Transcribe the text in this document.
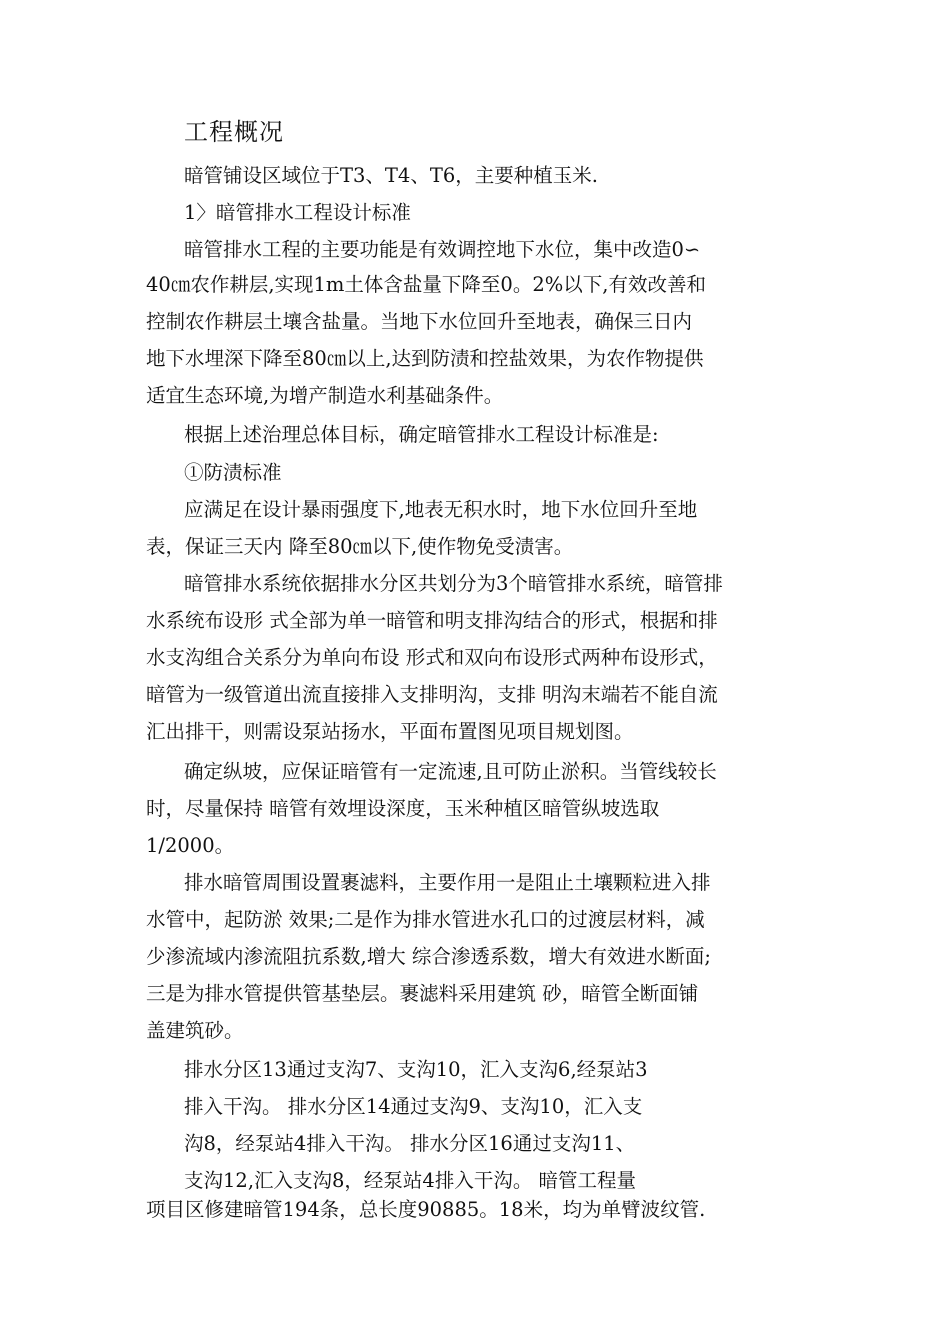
工程概况
暗管铺设区域位于T3、T4、T6，主要种植玉米.
1〉暗管排水工程设计标准
暗管排水工程的主要功能是有效调控地下水位，集中改造0∽
40㎝农作耕层,实现1m土体含盐量下降至0。2%以下,有效改善和
控制农作耕层土壤含盐量。当地下水位回升至地表，确保三日内
地下水埋深下降至80㎝以上,达到防渍和控盐效果，为农作物提供
适宜生态环境,为增产制造水利基础条件。
根据上述治理总体目标，确定暗管排水工程设计标准是:
①防渍标准
应满足在设计暴雨强度下,地表无积水时，地下水位回升至地
表，保证三天内 降至80㎝以下,使作物免受渍害。
暗管排水系统依据排水分区共划分为3个暗管排水系统，暗管排
水系统布设形 式全部为单一暗管和明支排沟结合的形式，根据和排
水支沟组合关系分为单向布设 形式和双向布设形式两种布设形式，
暗管为一级管道出流直接排入支排明沟，支排 明沟末端若不能自流
汇出排干，则需设泵站扬水，平面布置图见项目规划图。
确定纵坡，应保证暗管有一定流速,且可防止淤积。当管线较长
时，尽量保持 暗管有效埋设深度，玉米种植区暗管纵坡选取
1/2000。
排水暗管周围设置裹滤料，主要作用一是阻止土壤颗粒进入排
水管中，起防淤 效果;二是作为排水管进水孔口的过渡层材料，减
少渗流域内渗流阻抗系数,增大 综合渗透系数，增大有效进水断面;
三是为排水管提供管基垫层。裹滤料采用建筑 砂，暗管全断面铺
盖建筑砂。
排水分区13通过支沟7、支沟10，汇入支沟6,经泵站3
排入干沟。 排水分区14通过支沟9、支沟10，汇入支
沟8，经泵站4排入干沟。 排水分区16通过支沟11、
支沟12,汇入支沟8，经泵站4排入干沟。 暗管工程量
项目区修建暗管194条，总长度90885。18米，均为单臂波纹管.
